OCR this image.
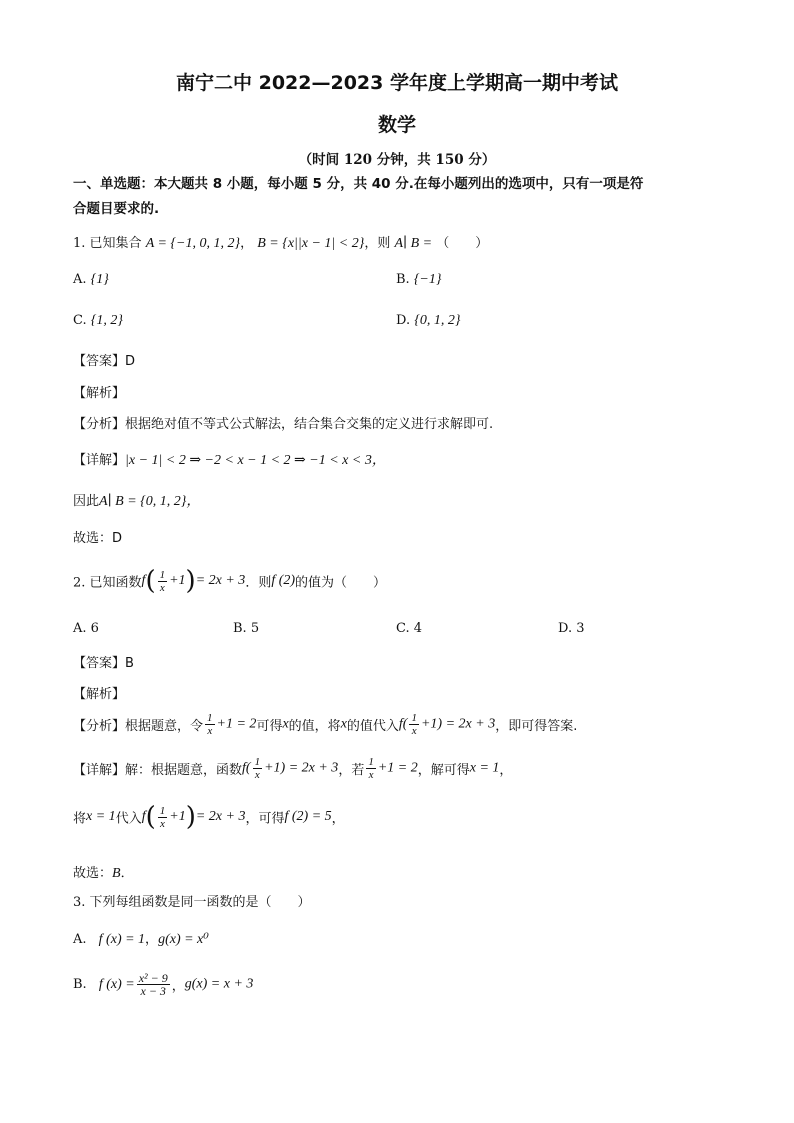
南宁二中 2022—2023 学年度上学期高一期中考试
数学
（时间 120 分钟，共 150 分）
一、单选题：本大题共 8 小题，每小题 5 分，共 40 分.在每小题列出的选项中，只有一项是符
合题目要求的.
1. 已知集合 A = {−1, 0, 1, 2}， B = {x||x − 1| < 2}，则 A∣ B = （　　）
A. {1}	B. {−1}
C. {1, 2}	D. {0, 1, 2}
【答案】D
【解析】
【分析】根据绝对值不等式公式解法，结合集合交集的定义进行求解即可.
【详解】|x − 1| < 2 ⇒ −2 < x − 1 < 2 ⇒ −1 < x < 3，
因此A∣ B = {0, 1, 2}，
故选：D
2. 已知函数$f( \frac{1}{x} +1)= 2x + 3$．则f (2)的值为（　　）
A. 6	B. 5	C. 4	D. 3
【答案】B
【解析】
【分析】根据题意，令 $\frac{1}{x} +1 = 2$可得x的值，将x的值代入$f( \frac{1}{x} +1) = 2x + 3$，即可得答案.
【详解】解：根据题意，函数$f( \frac{1}{x} +1) = 2x + 3$，若 $\frac{1}{x} +1 = 2$，解可得x = 1，
将x = 1代入$f( \frac{1}{x} +1)= 2x + 3$，可得f (2) = 5，
故选：B．
3. 下列每组函数是同一函数的是（　　）
A. f (x) = 1，g(x) = x⁰
B. f $(x) = \frac{\text{x² − 9}}{x - 3}$ ，g(x) = x + 3
